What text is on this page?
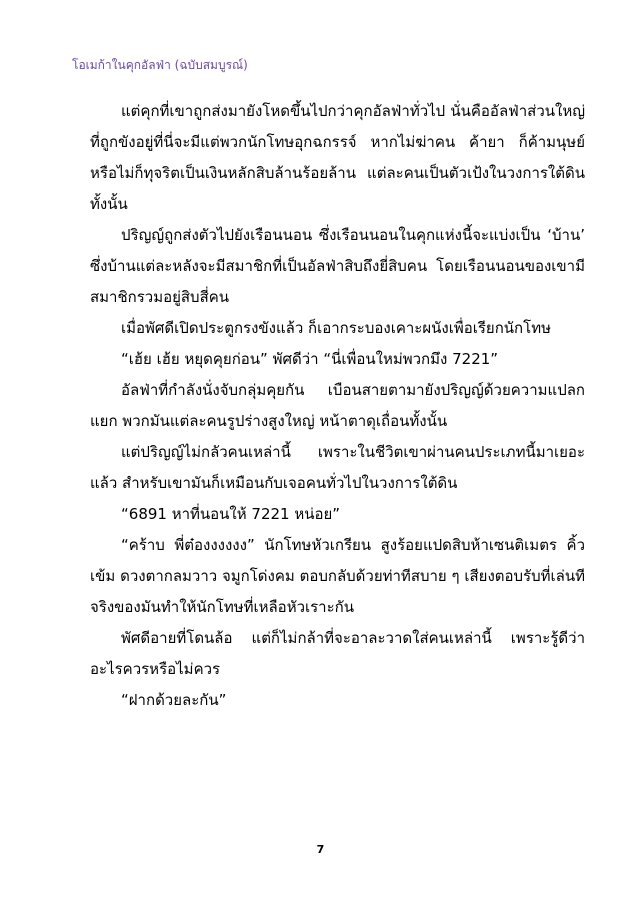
โอเมก้าในคุกอัลฟ่า (ฉบับสมบูรณ์)

แต่คุกที่เขาถูกส่งมายังโหดขึ้นไปกว่าคุกอัลฟ่าทั่วไป นั่นคืออัลฟ่าส่วนใหญ่ที่ถูกขังอยู่ที่นี่จะมีแต่พวกนักโทษอุกฉกรรจ์ หากไม่ฆ่าคน ค้ายา ก็ค้ามนุษย์ หรือไม่ก็ทุจริตเป็นเงินหลักสิบล้านร้อยล้าน แต่ละคนเป็นตัวเป้งในวงการใต้ดินทั้งนั้น

ปริญญ์ถูกส่งตัวไปยังเรือนนอน ซึ่งเรือนนอนในคุกแห่งนี้จะแบ่งเป็น ‘บ้าน’ ซึ่งบ้านแต่ละหลังจะมีสมาชิกที่เป็นอัลฟ่าสิบถึงยี่สิบคน โดยเรือนนอนของเขามีสมาชิกรวมอยู่สิบสี่คน

เมื่อพัศดีเปิดประตูกรงขังแล้ว ก็เอากระบองเคาะผนังเพื่อเรียกนักโทษ

“เฮ้ย เฮ้ย หยุดคุยก่อน” พัศดีว่า “นี่เพื่อนใหม่พวกมึง 7221”

อัลฟ่าที่กำลังนั่งจับกลุ่มคุยกัน เบือนสายตามายังปริญญ์ด้วยความแปลกแยก พวกมันแต่ละคนรูปร่างสูงใหญ่ หน้าตาดุเถื่อนทั้งนั้น

แต่ปริญญ์ไม่กลัวคนเหล่านี้ เพราะในชีวิตเขาผ่านคนประเภทนี้มาเยอะแล้ว สำหรับเขามันก็เหมือนกับเจอคนทั่วไปในวงการใต้ดิน

“6891 หาที่นอนให้ 7221 หน่อย”

“คร้าบ พี่ต๋องงงงงง” นักโทษหัวเกรียน สูงร้อยแปดสิบห้าเซนติเมตร คิ้วเข้ม ดวงตากลมวาว จมูกโด่งคม ตอบกลับด้วยท่าทีสบาย ๆ เสียงตอบรับที่เล่นทีจริงของมันทำให้นักโทษที่เหลือหัวเราะกัน

พัศดีอายที่โดนล้อ แต่ก็ไม่กล้าที่จะอาละวาดใส่คนเหล่านี้ เพราะรู้ดีว่าอะไรควรหรือไม่ควร

“ฝากด้วยละกัน”

7
